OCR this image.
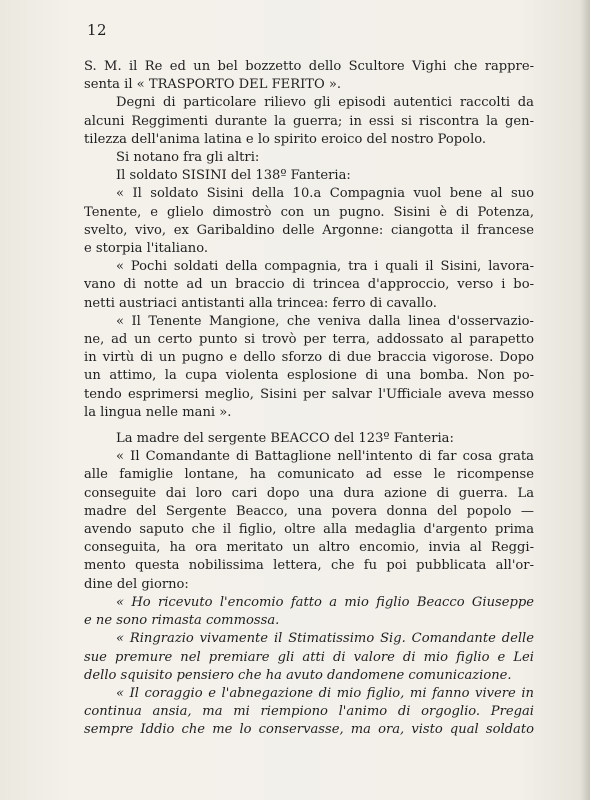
12
S. M. il Re ed un bel bozzetto dello Scultore Vighi che rappre-
senta il « TRASPORTO DEL FERITO ».
Degni di particolare rilievo gli episodi autentici raccolti da
alcuni Reggimenti durante la guerra; in essi si riscontra la gen-
tilezza dell'anima latina e lo spirito eroico del nostro Popolo.
Si notano fra gli altri:
Il soldato SISINI del 138º Fanteria:
« Il soldato Sisini della 10.a Compagnia vuol bene al suo
Tenente, e glielo dimostrò con un pugno. Sisini è di Potenza,
svelto, vivo, ex Garibaldino delle Argonne: ciangotta il francese
e storpia l'italiano.
« Pochi soldati della compagnia, tra i quali il Sisini, lavora-
vano di notte ad un braccio di trincea d'approccio, verso i bo-
netti austriaci antistanti alla trincea: ferro di cavallo.
« Il Tenente Mangione, che veniva dalla linea d'osservazio-
ne, ad un certo punto si trovò per terra, addossato al parapetto
in virtù di un pugno e dello sforzo di due braccia vigorose. Dopo
un attimo, la cupa violenta esplosione di una bomba. Non po-
tendo esprimersi meglio, Sisini per salvar l'Ufficiale aveva messo
la lingua nelle mani ».
La madre del sergente BEACCO del 123º Fanteria:
« Il Comandante di Battaglione nell'intento di far cosa grata
alle famiglie lontane, ha comunicato ad esse le ricompense
conseguite dai loro cari dopo una dura azione di guerra. La
madre del Sergente Beacco, una povera donna del popolo —
avendo saputo che il figlio, oltre alla medaglia d'argento prima
conseguita, ha ora meritato un altro encomio, invia al Reggi-
mento questa nobilissima lettera, che fu poi pubblicata all'or-
dine del giorno:
« Ho ricevuto l'encomio fatto a mio figlio Beacco Giuseppe
e ne sono rimasta commossa.
« Ringrazio vivamente il Stimatissimo Sig. Comandante delle
sue premure nel premiare gli atti di valore di mio figlio e Lei
dello squisito pensiero che ha avuto dandomene comunicazione.
« Il coraggio e l'abnegazione di mio figlio, mi fanno vivere in
continua ansia, ma mi riempiono l'animo di orgoglio. Pregai
sempre Iddio che me lo conservasse, ma ora, visto qual soldato
